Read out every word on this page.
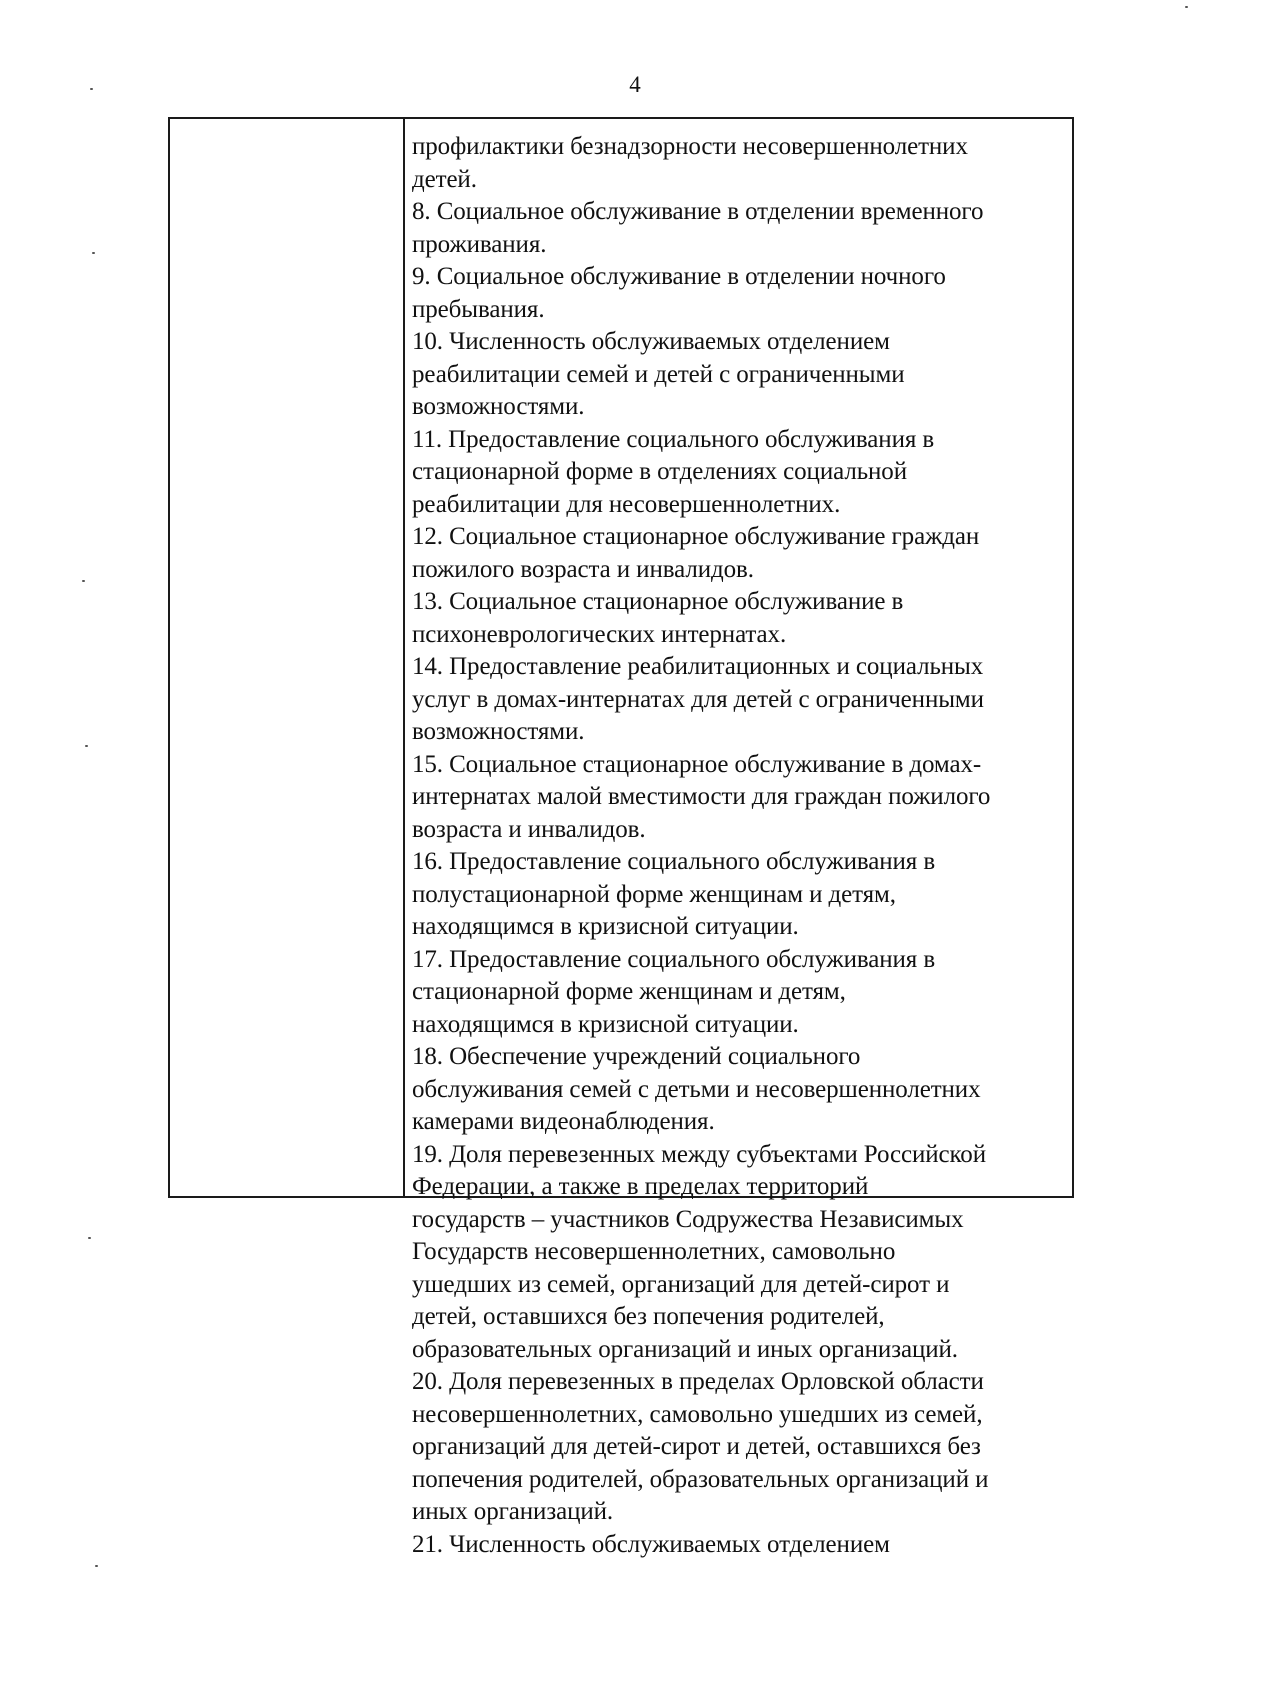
4
профилактики безнадзорности несовершеннолетних
детей.
8. Социальное обслуживание в отделении временного
проживания.
9. Социальное обслуживание в отделении ночного
пребывания.
10. Численность обслуживаемых отделением
реабилитации семей и детей с ограниченными
возможностями.
11. Предоставление социального обслуживания в
стационарной форме в отделениях социальной
реабилитации для несовершеннолетних.
12. Социальное стационарное обслуживание граждан
пожилого возраста и инвалидов.
13. Социальное стационарное обслуживание в
психоневрологических интернатах.
14. Предоставление реабилитационных и социальных
услуг в домах-интернатах для детей с ограниченными
возможностями.
15. Социальное стационарное обслуживание в домах-
интернатах малой вместимости для граждан пожилого
возраста и инвалидов.
16. Предоставление социального обслуживания в
полустационарной форме женщинам и детям,
находящимся в кризисной ситуации.
17. Предоставление социального обслуживания в
стационарной форме женщинам и детям,
находящимся в кризисной ситуации.
18. Обеспечение учреждений социального
обслуживания семей с детьми и несовершеннолетних
камерами видеонаблюдения.
19. Доля перевезенных между субъектами Российской
Федерации, а также в пределах территорий
государств – участников Содружества Независимых
Государств несовершеннолетних, самовольно
ушедших из семей, организаций для детей-сирот и
детей, оставшихся без попечения родителей,
образовательных организаций и иных организаций.
20. Доля перевезенных в пределах Орловской области
несовершеннолетних, самовольно ушедших из семей,
организаций для детей-сирот и детей, оставшихся без
попечения родителей, образовательных организаций и
иных организаций.
21. Численность обслуживаемых отделением
